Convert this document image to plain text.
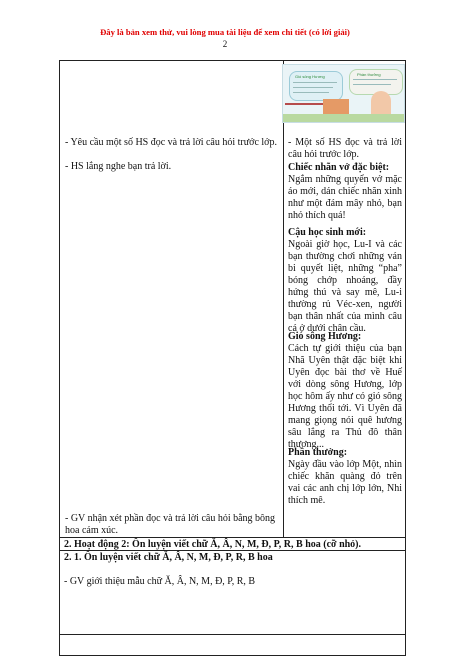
Đây là bản xem thử, vui lòng mua tài liệu để xem chi tiết (có lời giải)
2
Gió sông Hương	Phần thưởng
- Yêu cầu một số HS đọc và trả lời câu hỏi trước lớp.
- HS lắng nghe bạn trả lời.
- GV nhận xét phần đọc và trả lời câu hỏi bằng bông hoa cảm xúc.
- Một số HS đọc và trả lời câu hỏi trước lớp.
Chiếc nhãn vở đặc biệt:

Ngắm những quyển vở mặc áo mới, dán chiếc nhãn xinh như một đám mây nhỏ, bạn nhỏ thích quá!

Cậu học sinh mới:

Ngoài giờ học, Lu-I và các bạn thường chơi những ván bi quyết liệt, những “pha” bóng chớp nhoáng, đầy hứng thú và say mê, Lu-i thường rủ Véc-xen, người bạn thân nhất của mình câu cá ở dưới chân cầu.

Gió sông Hương:

Cách tự giới thiệu của bạn Nhã Uyên thật đặc biệt khi Uyên đọc bài thơ về Huế với dòng sông Hương, lớp học hôm ấy như có gió sông Hương thổi tới. Vì Uyên đã mang giọng nói quê hương sâu lắng ra Thủ đô thân thương...

Phần thưởng:

Ngày đầu vào lớp Một, nhìn chiếc khăn quàng đỏ trên vai các anh chị lớp lớn, Nhi thích mê.

2. Hoạt động 2: Ôn luyện viết chữ Ă, Â, N, M, Đ, P, R, B hoa (cỡ nhỏ).
2. 1. Ôn luyện viết chữ Ă, Â, N, M, Đ, P, R, B hoa
- GV giới thiệu mẫu chữ Ă, Â, N, M, Đ, P, R, B
